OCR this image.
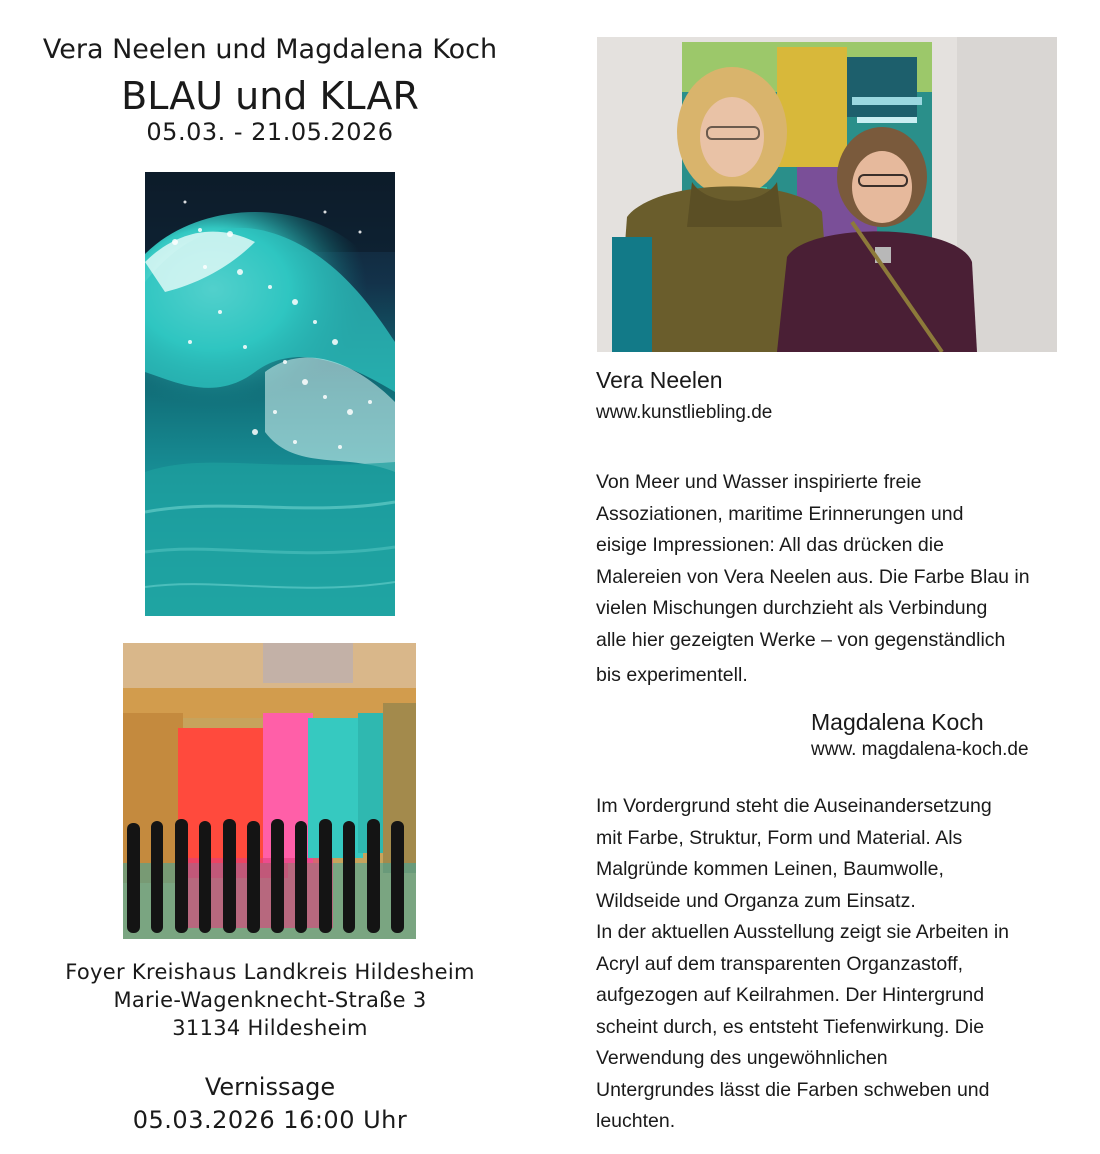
Vera Neelen und Magdalena Koch
BLAU und KLAR
05.03. - 21.05.2026
Foyer Kreishaus Landkreis Hildesheim
Marie-Wagenknecht-Straße 3
31134 Hildesheim
Vernissage
05.03.2026 16:00 Uhr
Vera Neelen
www.kunstliebling.de
Von Meer und Wasser inspirierte freie
Assoziationen, maritime Erinnerungen und
eisige Impressionen: All das drücken die
Malereien von Vera Neelen aus. Die Farbe Blau in
vielen Mischungen durchzieht als Verbindung
alle hier gezeigten Werke – von gegenständlich
bis experimentell.
Magdalena Koch
www. magdalena-koch.de
Im Vordergrund steht die Auseinandersetzung
mit Farbe, Struktur, Form und Material. Als
Malgründe kommen Leinen, Baumwolle,
Wildseide und Organza zum Einsatz.
In der aktuellen Ausstellung zeigt sie Arbeiten in
Acryl auf dem transparenten Organzastoff,
aufgezogen auf Keilrahmen. Der Hintergrund
scheint durch, es entsteht Tiefenwirkung. Die
Verwendung des ungewöhnlichen
Untergrundes lässt die Farben schweben und
leuchten.
